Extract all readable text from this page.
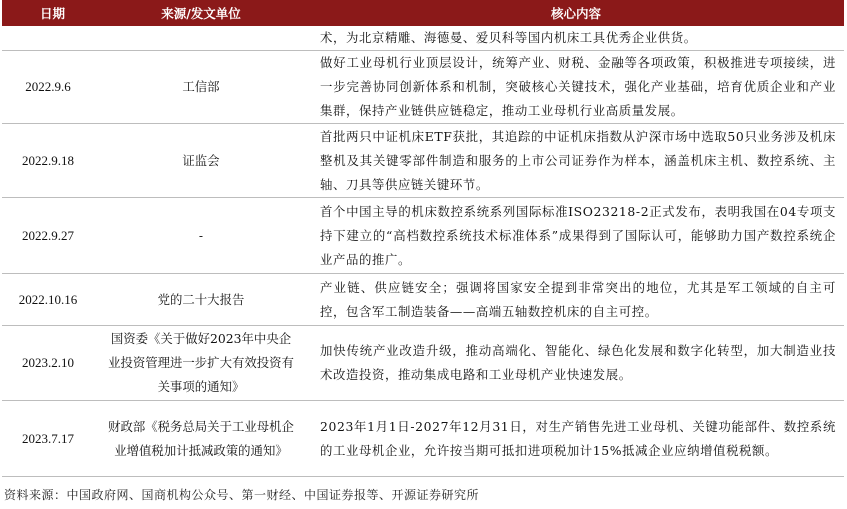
日期	来源/发文单位	核心内容
		术，为北京精雕、海德曼、爱贝科等国内机床工具优秀企业供货。
2022.9.6	工信部	做好工业母机行业顶层设计，统筹产业、财税、金融等各项政策，积极推进专项接续，进一步完善协同创新体系和机制，突破核心关键技术，强化产业基础，培育优质企业和产业集群，保持产业链供应链稳定，推动工业母机行业高质量发展。
2022.9.18	证监会	首批两只中证机床ETF获批，其追踪的中证机床指数从沪深市场中选取50只业务涉及机床整机及其关键零部件制造和服务的上市公司证券作为样本，涵盖机床主机、数控系统、主轴、刀具等供应链关键环节。
2022.9.27	-	首个中国主导的机床数控系统系列国际标准ISO23218-2正式发布，表明我国在04专项支持下建立的“高档数控系统技术标准体系”成果得到了国际认可，能够助力国产数控系统企业产品的推广。
2022.10.16	党的二十大报告	产业链、供应链安全；强调将国家安全提到非常突出的地位，尤其是军工领域的自主可控，包含军工制造装备——高端五轴数控机床的自主可控。
2023.2.10	国资委《关于做好2023年中央企业投资管理进一步扩大有效投资有关事项的通知》	加快传统产业改造升级，推动高端化、智能化、绿色化发展和数字化转型，加大制造业技术改造投资，推动集成电路和工业母机产业快速发展。
2023.7.17	财政部《税务总局关于工业母机企业增值税加计抵减政策的通知》	2023年1月1日-2027年12月31日，对生产销售先进工业母机、关键功能部件、数控系统的工业母机企业，允许按当期可抵扣进项税加计15%抵减企业应纳增值税税额。
资料来源：中国政府网、国商机构公众号、第一财经、中国证券报等、开源证券研究所
